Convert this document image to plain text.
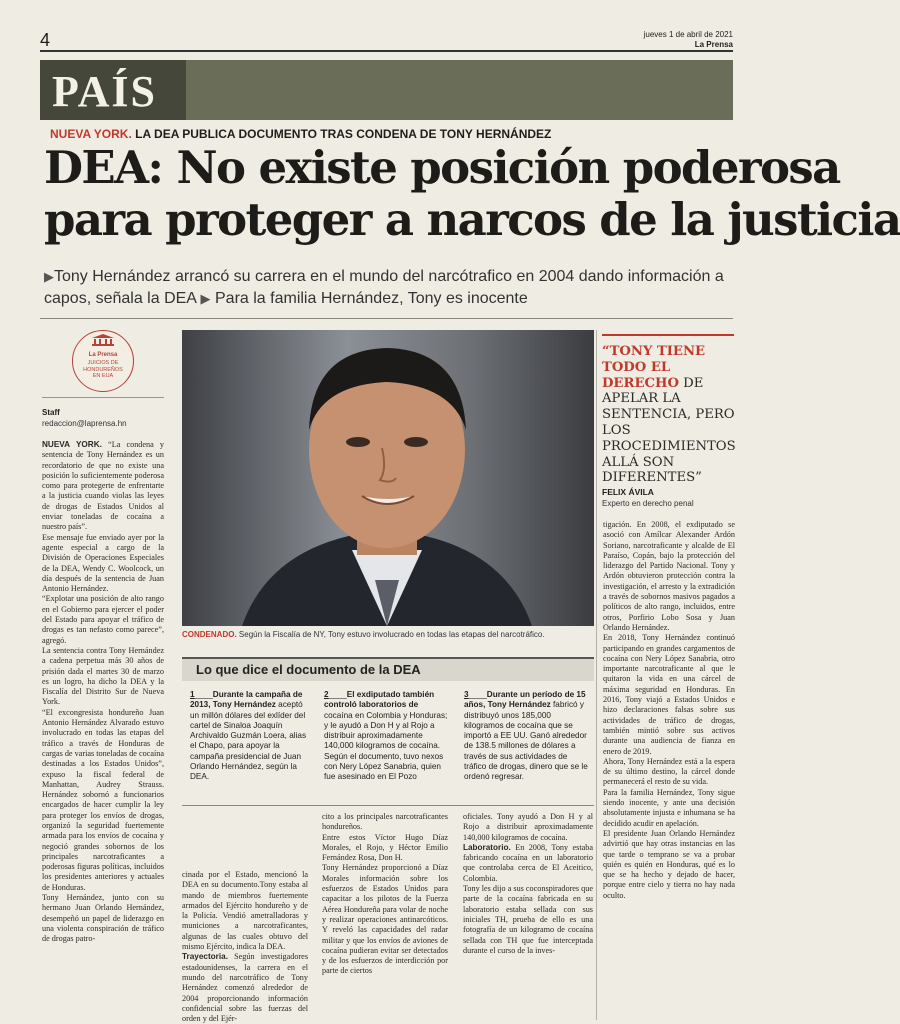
4	jueves 1 de abril de 2021
La Prensa
PAÍS
NUEVA YORK. LA DEA PUBLICA DOCUMENTO TRAS CONDENA DE TONY HERNÁNDEZ
DEA: No existe posición poderosa
para proteger a narcos de la justicia
▶Tony Hernández arrancó su carrera en el mundo del narcótrafico en 2004 dando información a capos, señala la DEA ▶ Para la familia Hernández, Tony es inocente
La Prensa
JUICIOS DE
HONDUREÑOS
EN EUA
Staff
redaccion@laprensa.hn

NUEVA YORK. “La condena y sentencia de Tony Hernández es un recordatorio de que no existe una posición lo suficientemente poderosa como para protegerte de enfrentarte a la justicia cuando violas las leyes de drogas de Estados Unidos al enviar toneladas de cocaína a nuestro país”.

Ese mensaje fue enviado ayer por la agente especial a cargo de la División de Operaciones Especiales de la DEA, Wendy C. Woolcock, un día después de la sentencia de Juan Antonio Hernández.

“Explotar una posición de alto rango en el Gobierno para ejercer el poder del Estado para apoyar el tráfico de drogas es tan nefasto como parece”, agregó.

La sentencia contra Tony Hernández a cadena perpetua más 30 años de prisión dada el martes 30 de marzo es un logro, ha dicho la DEA y la Fiscalía del Distrito Sur de Nueva York.

“El excongresista hondureño Juan Antonio Hernández Alvarado estuvo involucrado en todas las etapas del tráfico a través de Honduras de cargas de varias toneladas de cocaína destinadas a los Estados Unidos”, expuso la fiscal federal de Manhattan, Audrey Strauss. Hernández sobornó a funcionarios encargados de hacer cumplir la ley para proteger los envíos de drogas, organizó la seguridad fuertemente armada para los envíos de cocaína y negoció grandes sobornos de los principales narcotraficantes a poderosas figuras políticas, incluidos los presidentes anteriores y actuales de Honduras.

Tony Hernández, junto con su hermano Juan Orlando Hernández, desempeñó un papel de liderazgo en una violenta conspiración de tráfico de drogas patro-

CONDENADO. Según la Fiscalía de NY, Tony estuvo involucrado en todas las etapas del narcotráfico.
Lo que dice el documento de la DEA
1____Durante la campaña de 2013, Tony Hernández aceptó un millón dólares del exlíder del cartel de Sinaloa Joaquín Archivaldo Guzmán Loera, alias el Chapo, para apoyar la campaña presidencial de Juan Orlando Hernández, según la DEA.
2____El exdiputado también controló laboratorios de cocaína en Colombia y Honduras; y le ayudó a Don H y al Rojo a distribuir aproximadamente 140,000 kilogramos de cocaína. Según el documento, tuvo nexos con Nery López Sanabria, quien fue asesinado en El Pozo
3____Durante un período de 15 años, Tony Hernández fabricó y distribuyó unos 185,000 kilogramos de cocaína que se importó a EE UU. Ganó alrededor de 138.5 millones de dólares a través de sus actividades de tráfico de drogas, dinero que se le ordenó regresar.

cinada por el Estado, mencionó la DEA en su documento.Tony estaba al mando de miembros fuertemente armados del Ejército hondureño y de la Policía. Vendió ametralladoras y municiones a narcotraficantes, algunas de las cuales obtuvo del mismo Ejército, indica la DEA.

Trayectoria. Según investigadores estadounidenses, la carrera en el mundo del narcotráfico de Tony Hernández comenzó alrededor de 2004 proporcionando información confidencial sobre las fuerzas del orden y del Ejér-

cito a los principales narcotraficantes hondureños.

Entre estos Víctor Hugo Díaz Morales, el Rojo, y Héctor Emilio Fernández Rosa, Don H.

Tony Hernández proporcionó a Díaz Morales información sobre los esfuerzos de Estados Unidos para capacitar a los pilotos de la Fuerza Aérea Hondureña para volar de noche y realizar operaciones antinarcóticos. Y reveló las capacidades del radar militar y que los envíos de aviones de cocaína pudieran evitar ser detectados y de los esfuerzos de interdicción por parte de ciertos

oficiales. Tony ayudó a Don H y al Rojo a distribuir aproximadamente 140,000 kilogramos de cocaína.

Laboratorio. En 2008, Tony estaba fabricando cocaína en un laboratorio que controlaba cerca de El Aceitico, Colombia.

Tony les dijo a sus coconspiradores que parte de la cocaína fabricada en su laboratorio estaba sellada con sus iniciales TH, prueba de ello es una fotografía de un kilogramo de cocaína sellada con TH que fue interceptada durante el curso de la inves-

“TONY TIENE TODO EL DERECHO DE APELAR LA SENTENCIA, PERO LOS PROCEDIMIENTOS ALLÁ SON DIFERENTES”
FELIX ÁVILA
Experto en derecho penal

tigación. En 2008, el exdiputado se asoció con Amílcar Alexander Ardón Soriano, narcotraficante y alcalde de El Paraíso, Copán, bajo la protección del liderazgo del Partido Nacional. Tony y Ardón obtuvieron protección contra la investigación, el arresto y la extradición a través de sobornos masivos pagados a políticos de alto rango, incluidos, entre otros, Porfirio Lobo Sosa y Juan Orlando Hernández.

En 2018, Tony Hernández continuó participando en grandes cargamentos de cocaína con Nery López Sanabria, otro importante narcotraficante al que le quitaron la vida en una cárcel de máxima seguridad en Honduras. En 2016, Tony viajó a Estados Unidos e hizo declaraciones falsas sobre sus actividades de tráfico de drogas, también mintió sobre sus activos durante una audiencia de fianza en enero de 2019.

Ahora, Tony Hernández está a la espera de su último destino, la cárcel donde permanecerá el resto de su vida.

Para la familia Hernández, Tony sigue siendo inocente, y ante una decisión absolutamente injusta e inhumana se ha decidido acudir en apelación.

El presidente Juan Orlando Hernández advirtió que hay otras instancias en las que tarde o temprano se va a probar quién es quién en Honduras, qué es lo que se ha hecho y dejado de hacer, porque entre cielo y tierra no hay nada oculto.
